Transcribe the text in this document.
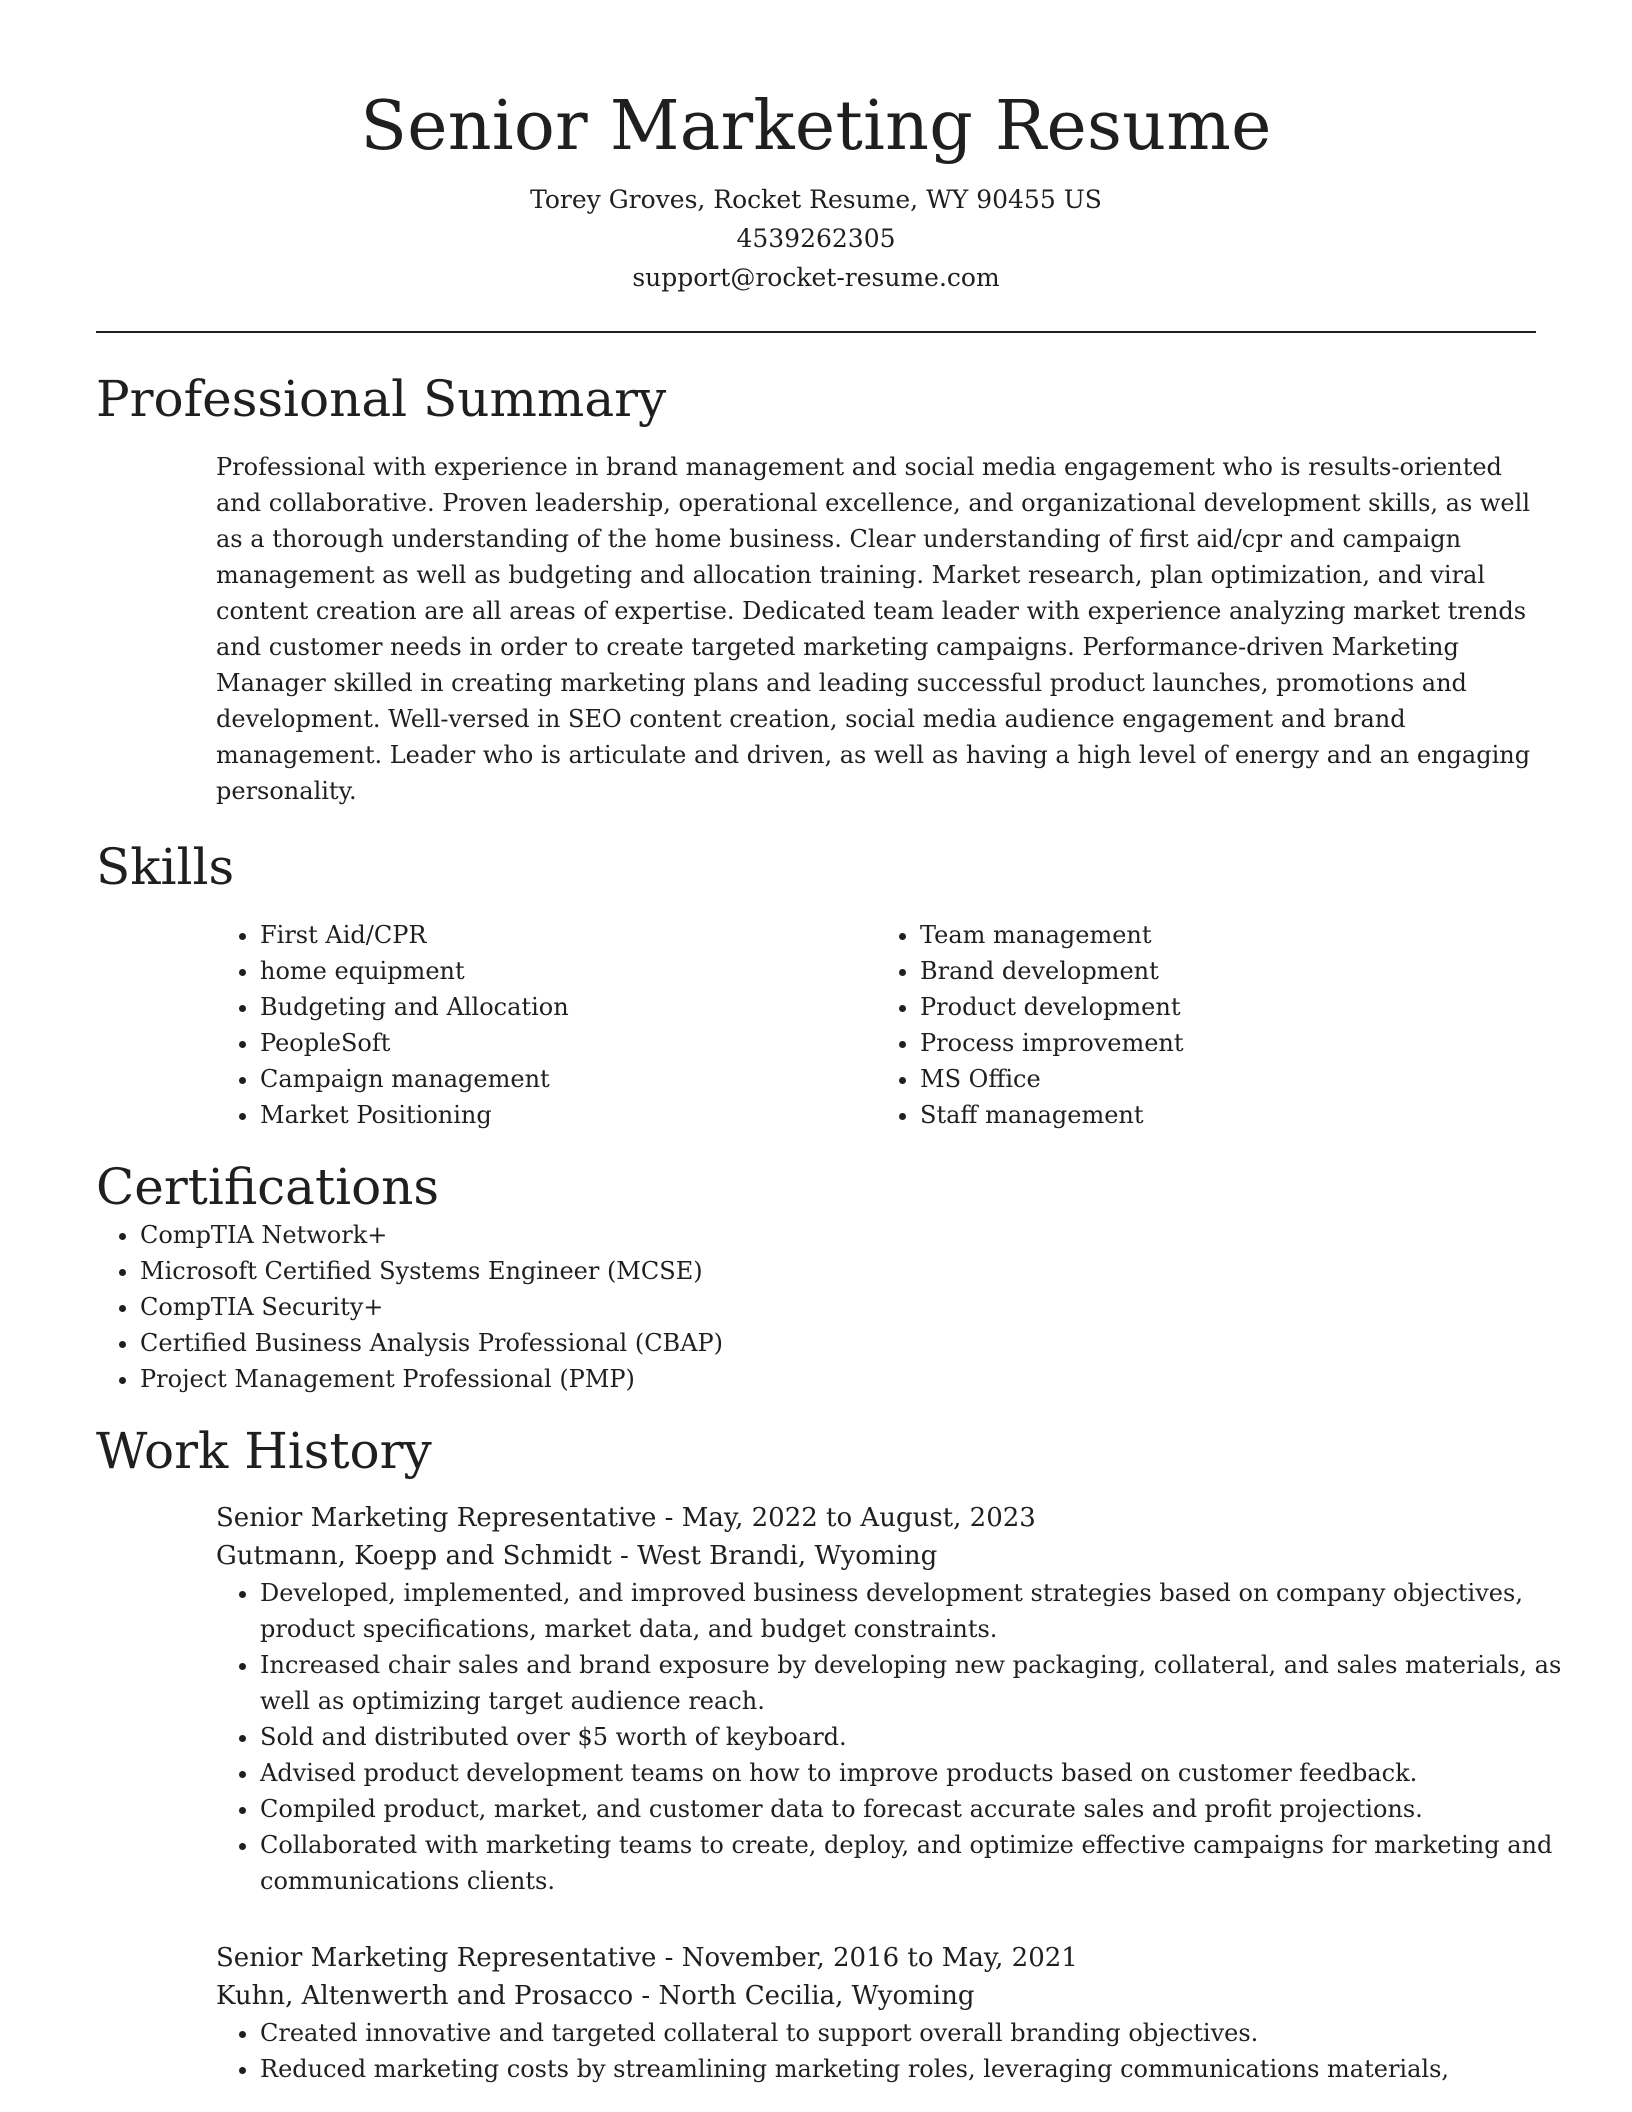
Senior Marketing Resume
Torey Groves, Rocket Resume, WY 90455 US
4539262305
support@rocket-resume.com
Professional Summary

Professional with experience in brand management and social media engagement who is results-oriented and collaborative. Proven leadership, operational excellence, and organizational development skills, as well as a thorough understanding of the home business. Clear understanding of first aid/cpr and campaign management as well as budgeting and allocation training. Market research, plan optimization, and viral content creation are all areas of expertise. Dedicated team leader with experience analyzing market trends and customer needs in order to create targeted marketing campaigns. Performance-driven Marketing Manager skilled in creating marketing plans and leading successful product launches, promotions and development. Well-versed in SEO content creation, social media audience engagement and brand management. Leader who is articulate and driven, as well as having a high level of energy and an engaging personality.

Skills
• First Aid/CPR
• home equipment
• Budgeting and Allocation
• PeopleSoft
• Campaign management
• Market Positioning
• Team management
• Brand development
• Product development
• Process improvement
• MS Office
• Staff management
Certifications
• CompTIA Network+
• Microsoft Certified Systems Engineer (MCSE)
• CompTIA Security+
• Certified Business Analysis Professional (CBAP)
• Project Management Professional (PMP)
Work History
Senior Marketing Representative - May, 2022 to August, 2023
Gutmann, Koepp and Schmidt - West Brandi, Wyoming
• Developed, implemented, and improved business development strategies based on company objectives, product specifications, market data, and budget constraints.
• Increased chair sales and brand exposure by developing new packaging, collateral, and sales materials, as well as optimizing target audience reach.
• Sold and distributed over $5 worth of keyboard.
• Advised product development teams on how to improve products based on customer feedback.
• Compiled product, market, and customer data to forecast accurate sales and profit projections.
• Collaborated with marketing teams to create, deploy, and optimize effective campaigns for marketing and communications clients.
Senior Marketing Representative - November, 2016 to May, 2021
Kuhn, Altenwerth and Prosacco - North Cecilia, Wyoming
• Created innovative and targeted collateral to support overall branding objectives.
• Reduced marketing costs by streamlining marketing roles, leveraging communications materials,
